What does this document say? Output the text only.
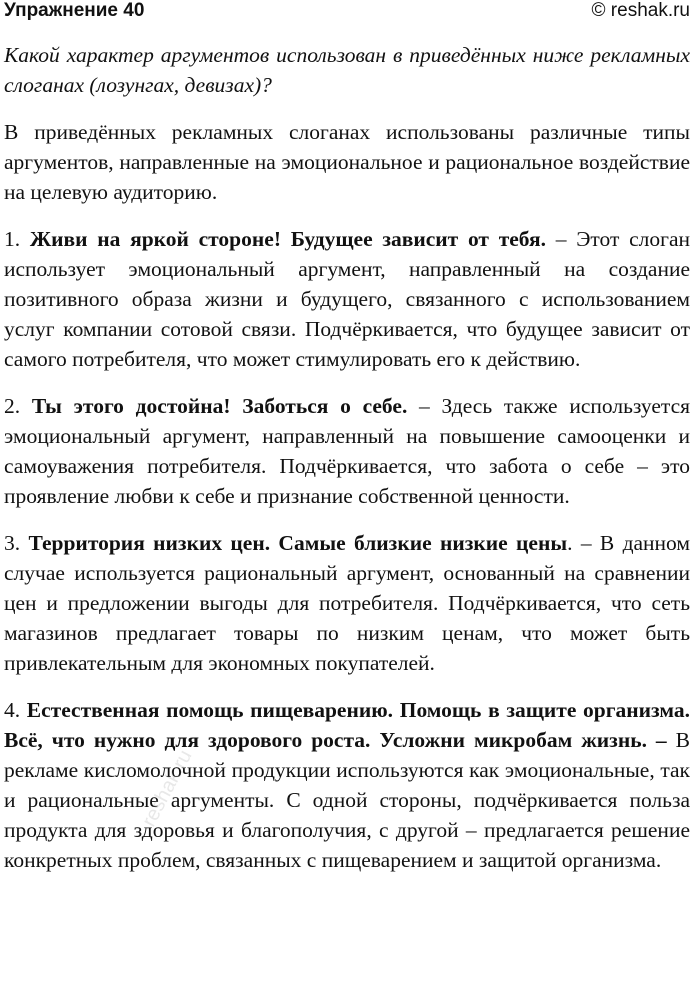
Упражнение 40	© reshak.ru

Какой характер аргументов использован в приведённых ниже рекламных слоганах (лозунгах, девизах)?

В приведённых рекламных слоганах использованы различные типы аргументов, направленные на эмоциональное и рациональное воздействие на целевую аудиторию.

1. Живи на яркой стороне! Будущее зависит от тебя. – Этот слоган использует эмоциональный аргумент, направленный на создание позитивного образа жизни и будущего, связанного с использованием услуг компании сотовой связи. Подчёркивается, что будущее зависит от самого потребителя, что может стимулировать его к действию.

2. Ты этого достойна! Заботься о себе. – Здесь также используется эмоциональный аргумент, направленный на повышение самооценки и самоуважения потребителя. Подчёркивается, что забота о себе – это проявление любви к себе и признание собственной ценности.

3. Территория низких цен. Самые близкие низкие цены. – В данном случае используется рациональный аргумент, основанный на сравнении цен и предложении выгоды для потребителя. Подчёркивается, что сеть магазинов предлагает товары по низким ценам, что может быть привлекательным для экономных покупателей.

4. Естественная помощь пищеварению. Помощь в защите организма. Всё, что нужно для здорового роста. Усложни микробам жизнь. – В рекламе кисломолочной продукции используются как эмоциональные, так и рациональные аргументы. С одной стороны, подчёркивается польза продукта для здоровья и благополучия, с другой – предлагается решение конкретных проблем, связанных с пищеварением и защитой организма.

reshak.ru
